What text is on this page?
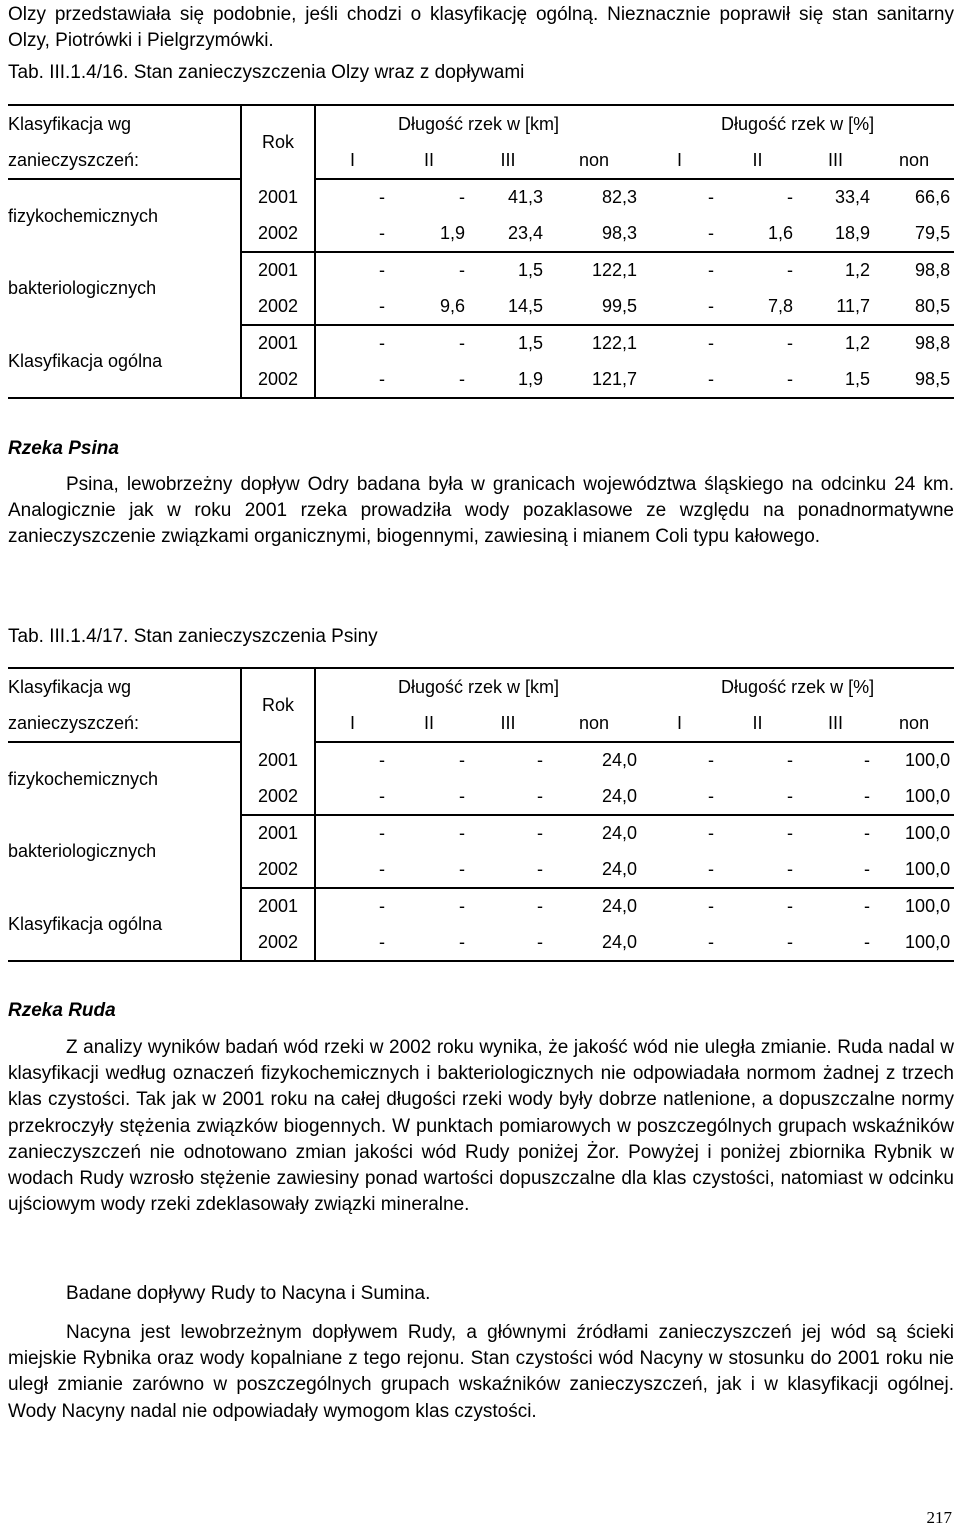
Olzy przedstawiała się podobnie, jeśli chodzi o klasyfikację ogólną. Nieznacznie poprawił się stan sanitarny Olzy, Piotrówki i Pielgrzymówki.

Tab. III.1.4/16. Stan zanieczyszczenia Olzy wraz z dopływami
Klasyfikacja wg	Rok	Długość rzek w [km]				Długość rzek w [%]			
zanieczyszczeń:		I	II	III	non	I	II	III	non
fizykochemicznych	2001	-	-	41,3	82,3	-	-	33,4	66,6
	2002	-	1,9	23,4	98,3	-	1,6	18,9	79,5
bakteriologicznych	2001	-	-	1,5	122,1	-	-	1,2	98,8
	2002	-	9,6	14,5	99,5	-	7,8	11,7	80,5
Klasyfikacja ogólna	2001	-	-	1,5	122,1	-	-	1,2	98,8
	2002	-	-	1,9	121,7	-	-	1,5	98,5
Rzeka Psina

Psina, lewobrzeżny dopływ Odry badana była w granicach województwa śląskiego na odcinku 24 km. Analogicznie jak w roku 2001 rzeka prowadziła wody pozaklasowe ze względu na ponadnormatywne zanieczyszczenie związkami organicznymi, biogennymi, zawiesiną i mianem Coli typu kałowego.

Tab. III.1.4/17. Stan zanieczyszczenia Psiny
Klasyfikacja wg	Rok	Długość rzek w [km]				Długość rzek w [%]			
zanieczyszczeń:		I	II	III	non	I	II	III	non
fizykochemicznych	2001	-	-	-	24,0	-	-	-	100,0
	2002	-	-	-	24,0	-	-	-	100,0
bakteriologicznych	2001	-	-	-	24,0	-	-	-	100,0
	2002	-	-	-	24,0	-	-	-	100,0
Klasyfikacja ogólna	2001	-	-	-	24,0	-	-	-	100,0
	2002	-	-	-	24,0	-	-	-	100,0
Rzeka Ruda

Z analizy wyników badań wód rzeki w 2002 roku wynika, że jakość wód nie uległa zmianie. Ruda nadal w klasyfikacji według oznaczeń fizykochemicznych i bakteriologicznych nie odpowiadała normom żadnej z trzech klas czystości. Tak jak w 2001 roku na całej długości rzeki wody były dobrze natlenione, a dopuszczalne normy przekroczyły stężenia związków biogennych. W punktach pomiarowych w poszczególnych grupach wskaźników zanieczyszczeń nie odnotowano zmian jakości wód Rudy poniżej Żor. Powyżej i poniżej zbiornika Rybnik w wodach Rudy wzrosło stężenie zawiesiny ponad wartości dopuszczalne dla klas czystości, natomiast w odcinku ujściowym wody rzeki zdeklasowały związki mineralne.

Badane dopływy Rudy to Nacyna i Sumina.

Nacyna jest lewobrzeżnym dopływem Rudy, a głównymi źródłami zanieczyszczeń jej wód są ścieki miejskie Rybnika oraz wody kopalniane z tego rejonu. Stan czystości wód Nacyny w stosunku do 2001 roku nie uległ zmianie zarówno w poszczególnych grupach wskaźników zanieczyszczeń, jak i w klasyfikacji ogólnej. Wody Nacyny nadal nie odpowiadały wymogom klas czystości.

217
